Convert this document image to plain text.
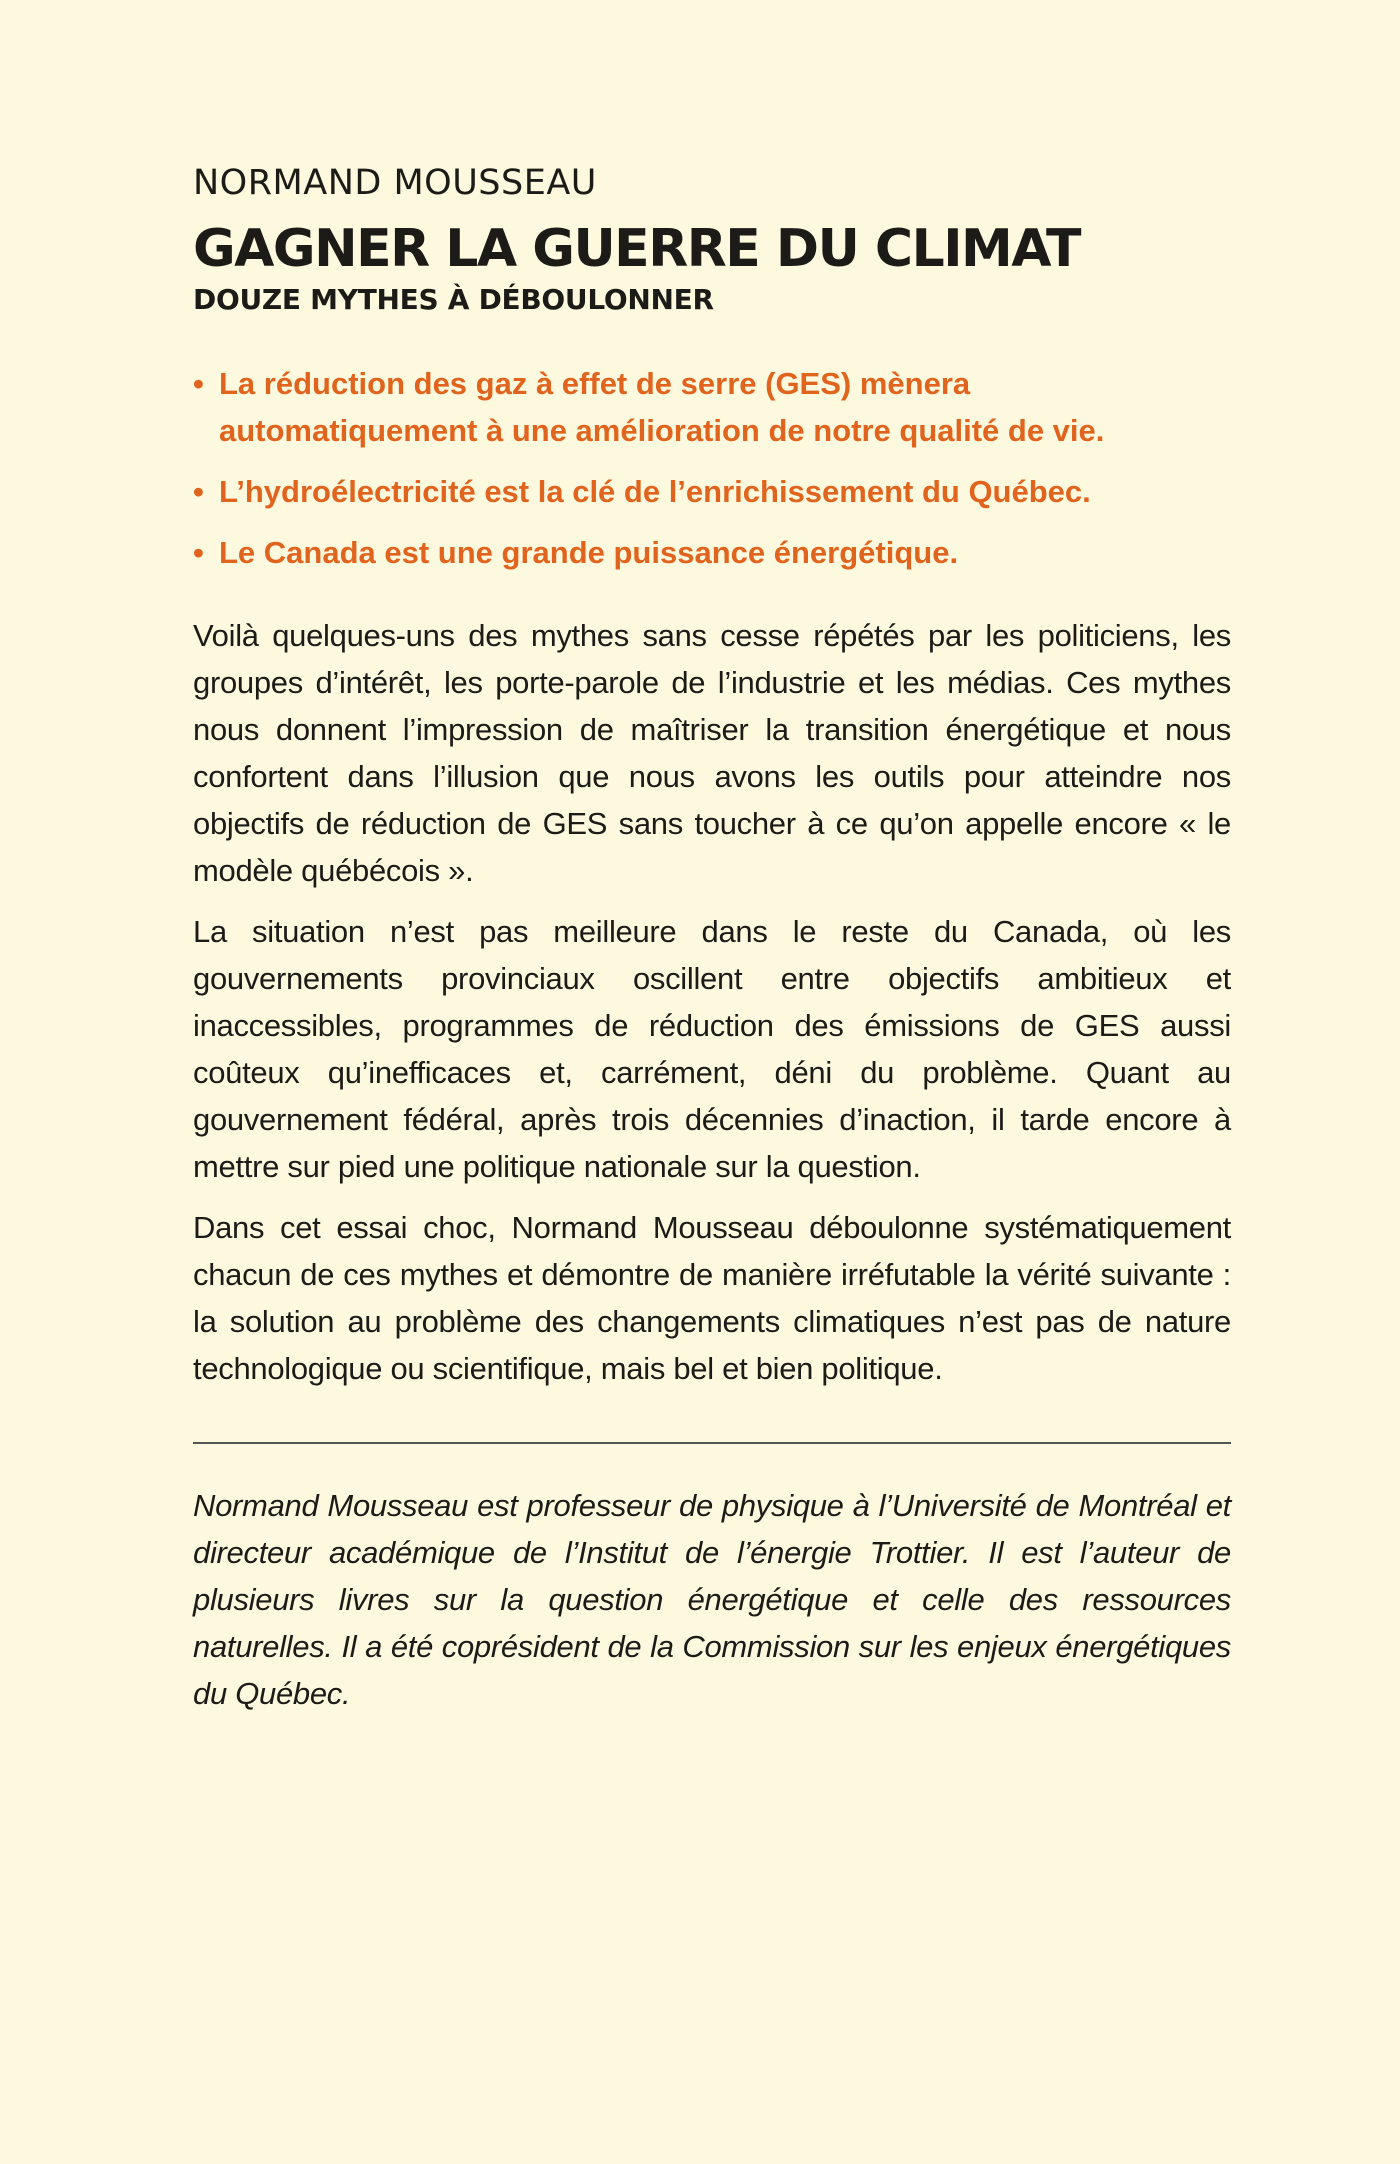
NORMAND MOUSSEAU
GAGNER LA GUERRE DU CLIMAT
DOUZE MYTHES À DÉBOULONNER
• La réduction des gaz à effet de serre (GES) mènera automatiquement à une amélioration de notre qualité de vie.
• L’hydroélectricité est la clé de l’enrichissement du Québec.
• Le Canada est une grande puissance énergétique.

Voilà quelques-uns des mythes sans cesse répétés par les politiciens, les groupes d’intérêt, les porte-parole de l’industrie et les médias. Ces mythes nous donnent l’impression de maîtriser la transition énergétique et nous confortent dans l’illusion que nous avons les outils pour atteindre nos objectifs de réduction de GES sans toucher à ce qu’on appelle encore « le modèle québécois ».

La situation n’est pas meilleure dans le reste du Canada, où les gouvernements provinciaux oscillent entre objectifs ambitieux et inaccessibles, programmes de réduction des émissions de GES aussi coûteux qu’inefficaces et, carrément, déni du problème. Quant au gouvernement fédéral, après trois décennies d’inaction, il tarde encore à mettre sur pied une politique nationale sur la question.

Dans cet essai choc, Normand Mousseau déboulonne systématiquement chacun de ces mythes et démontre de manière irréfutable la vérité suivante : la solution au problème des changements climatiques n’est pas de nature technologique ou scientifique, mais bel et bien politique.

Normand Mousseau est professeur de physique à l’Université de Montréal et directeur académique de l’Institut de l’énergie Trottier. Il est l’auteur de plusieurs livres sur la question énergétique et celle des ressources naturelles. Il a été coprésident de la Commission sur les enjeux énergétiques du Québec.
